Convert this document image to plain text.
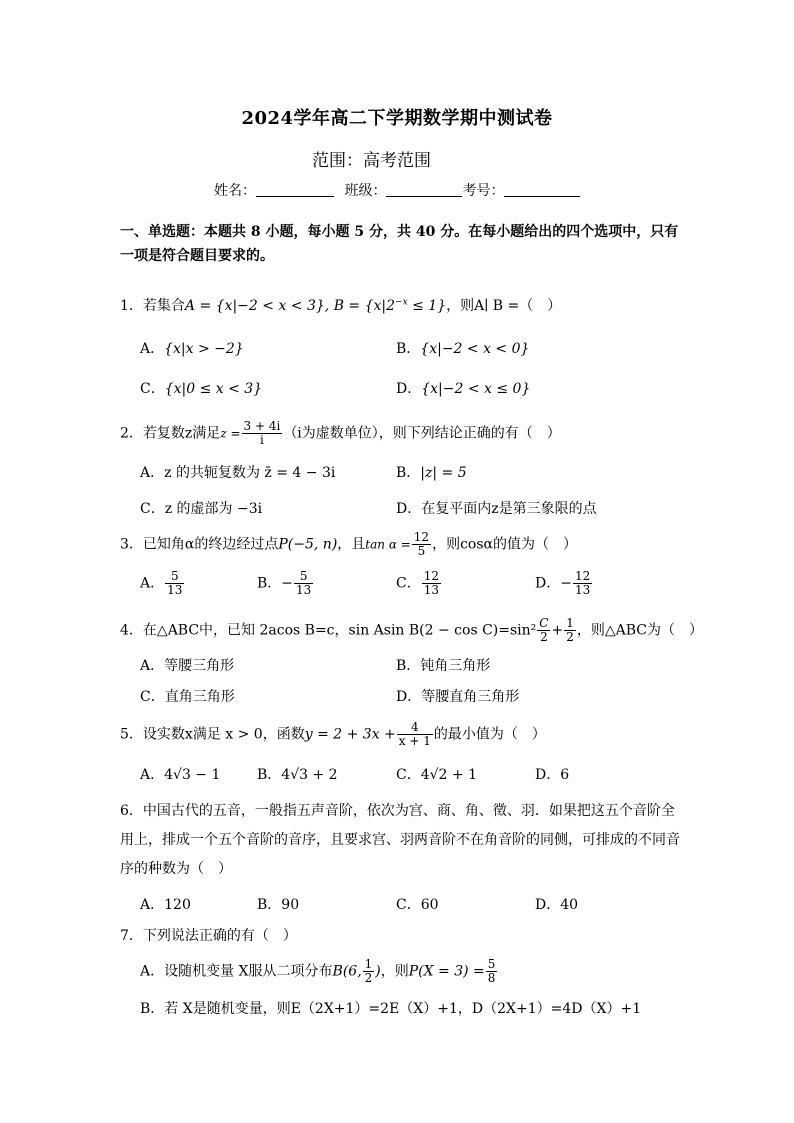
2024学年高二下学期数学期中测试卷
范围：高考范围
姓名：	班级：	考号：
一、单选题：本题共 8 小题，每小题 5 分，共 40 分。在每小题给出的四个选项中，只有一项是符合题目要求的。
1．若集合A = {x|−2 < x < 3}, $B = \{x|2^{-x} \le 1\}$，则A∣ B =（　）
A．{x|x > −2}	B．{x|−2 < x < 0}
C．{x|0 ≤ x < 3}	D．{x|−2 < x ≤ 0}
2．若复数z满足$z = \frac{3 + 4i}{i} (i$为虚数单位），则下列结论正确的有（　）
A．z 的共轭复数为 z̄ = 4 − 3i	B．|z| = 5
C．z 的虚部为 −3i	D．在复平面内z是第三象限的点
3．已知角α的终边经过点P(−5, n)，且$\tan \alpha = \frac{12}{5}$ ，则cosα的值为（　）
A． $\frac{5}{13}$	B．− $\frac{5}{13}$	C． $\frac{12}{13}$	D．− $\frac{12}{13}$
4．在△ABC中，已知 2acos B=c，sin Asin $B(2 - \cos C)=\sin^2 \frac{C}{2} + \frac{1}{2}$ ，则△ABC为（　）
A．等腰三角形	B．钝角三角形
C．直角三角形	D．等腰直角三角形
5．设实数x满足 x > 0，函数$y = 2 + 3x + \frac{4}{x + 1}$ 的最小值为（　）
A．4√3 − 1	B．4√3 + 2	C．4√2 + 1	D．6
6．中国古代的五音，一般指五声音阶，依次为宫、商、角、徵、羽．如果把这五个音阶全用上，排成一个五个音阶的音序，且要求宫、羽两音阶不在角音阶的同侧，可排成的不同音序的种数为（　）
A．120	B．90	C．60	D．40
7．下列说法正确的有（　）
A．设随机变量 X服从二项分布B(6, $\frac{1}{2}$ )，则$P(X = 3) = \frac{5}{8}$
B．若 X是随机变量，则E（2X+1）=2E（X）+1，D（2X+1）=4D（X）+1
